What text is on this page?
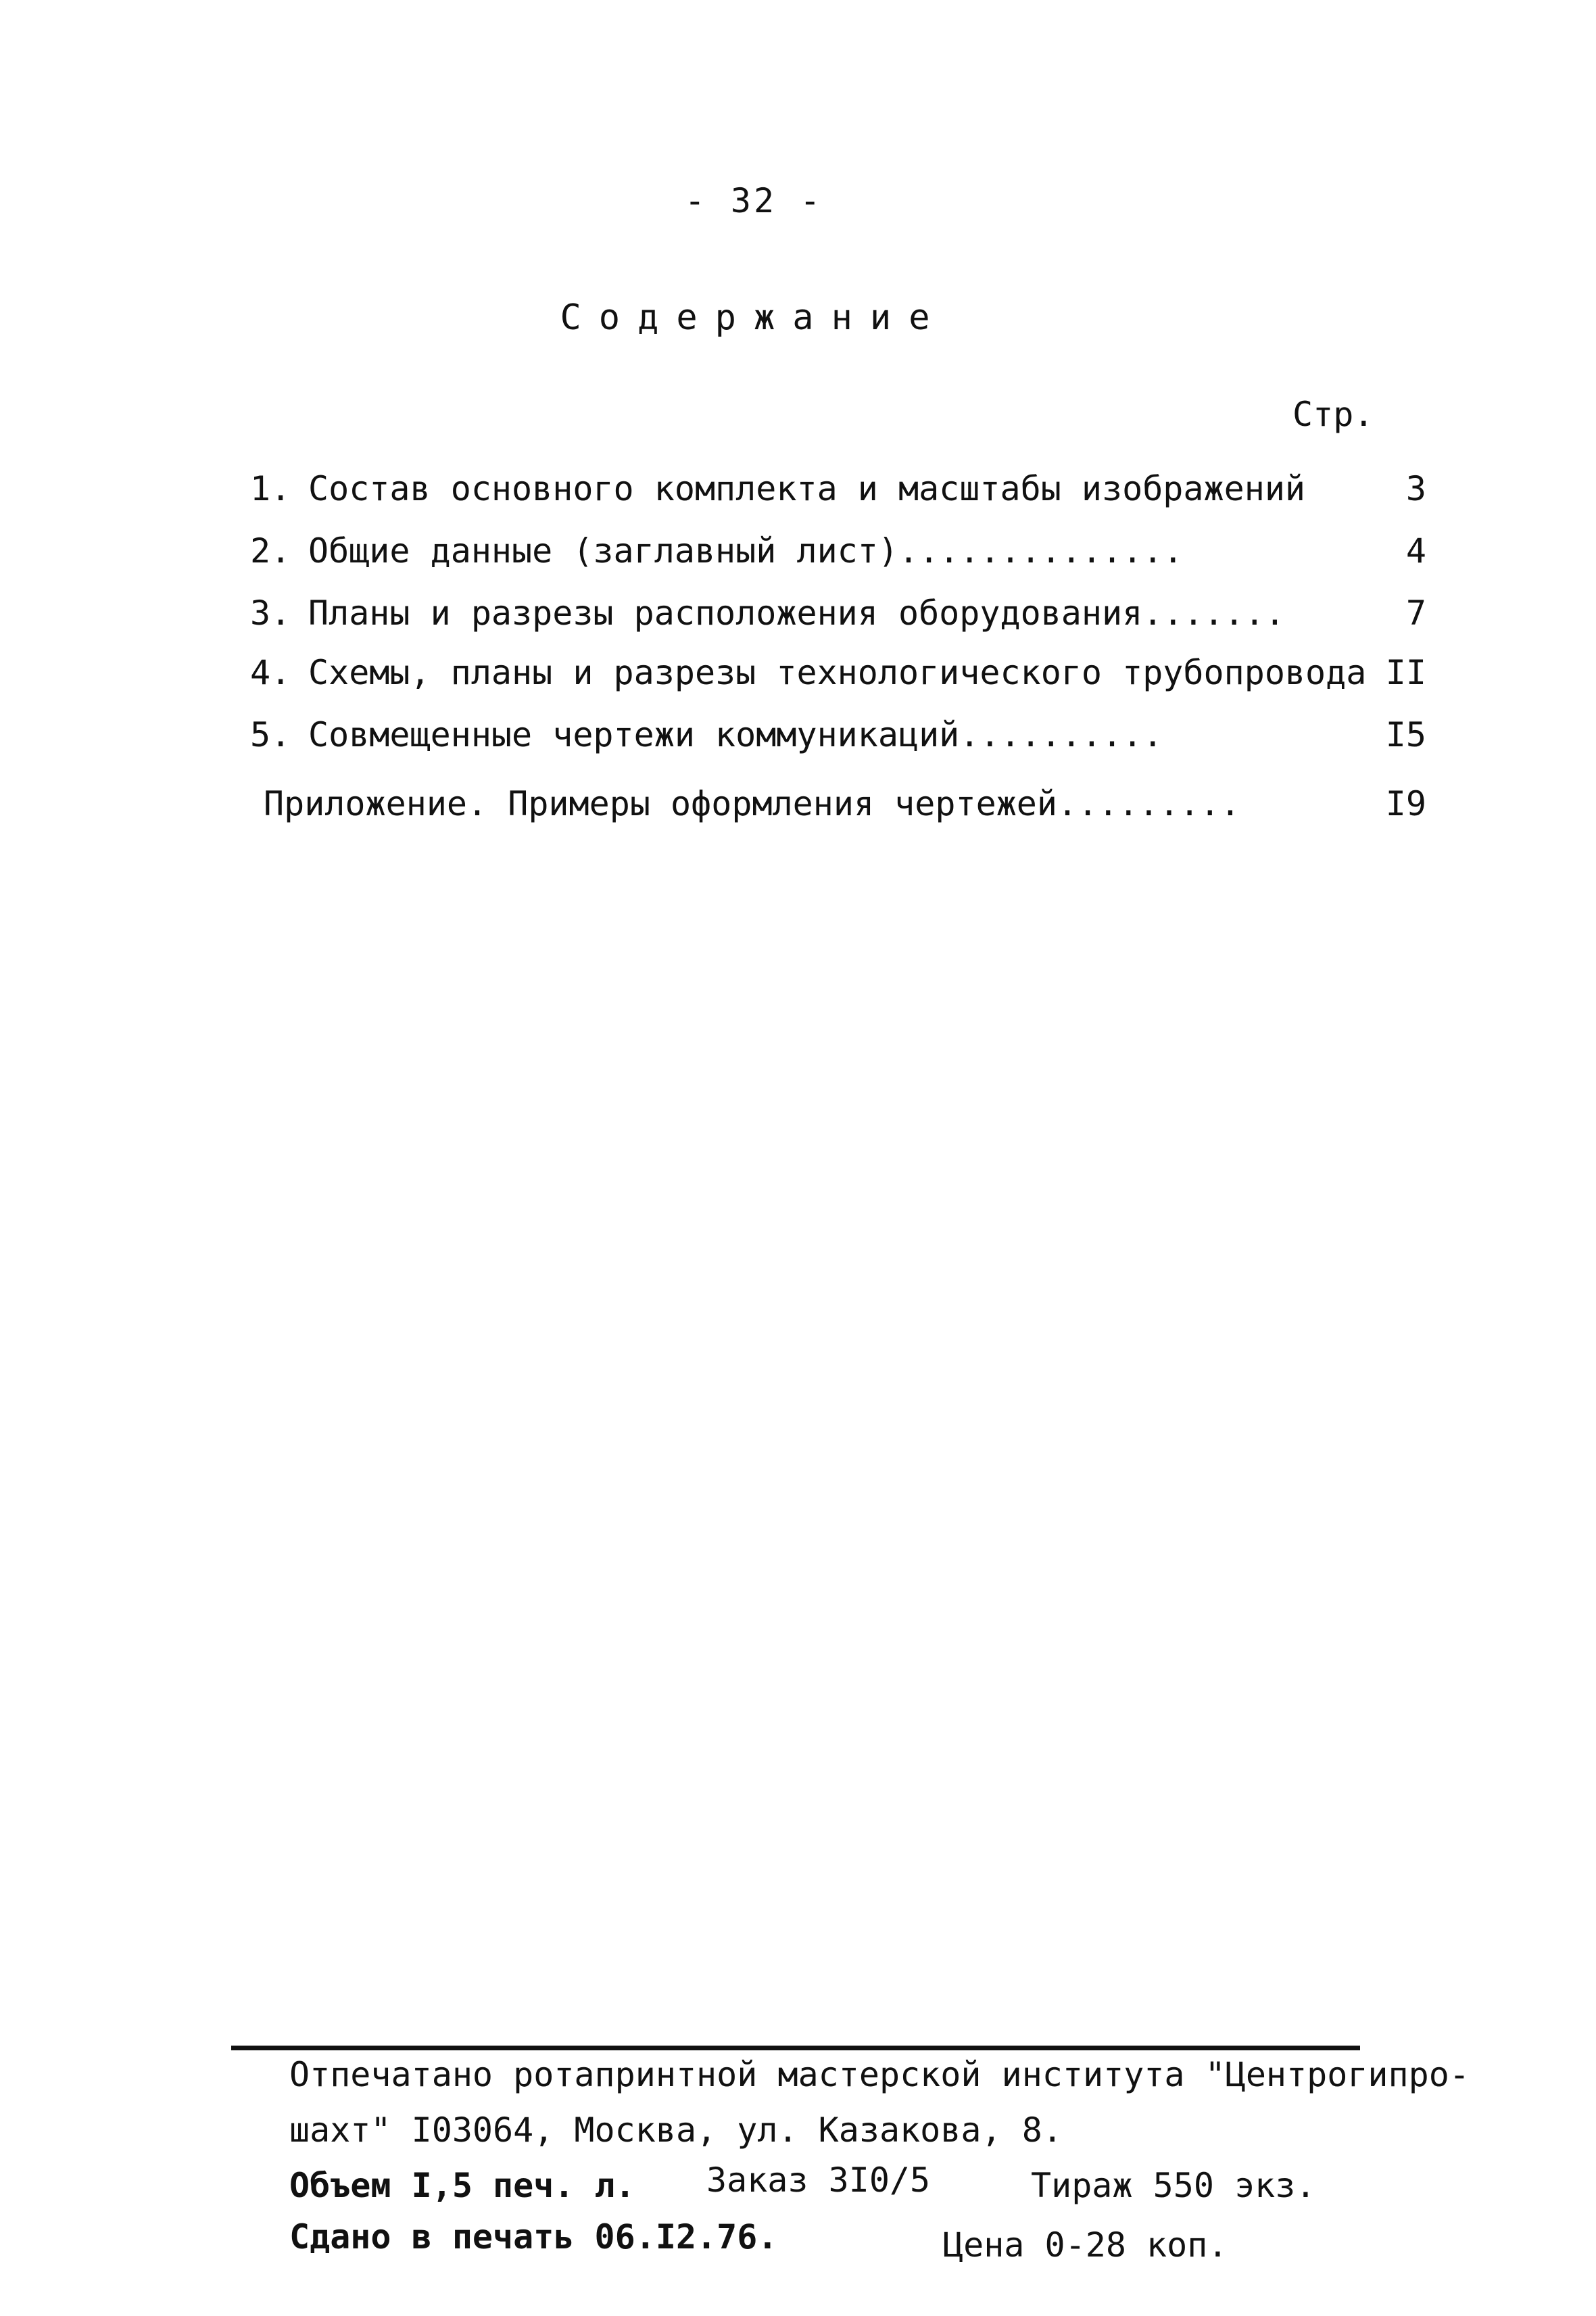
- 32 -
Содержание
Стр.
1. Состав основного комплекта и масштабы изображений	3
2. Общие данные (заглавный лист)..............	4
3. Планы и разрезы расположения оборудования.......	7
4. Схемы, планы и разрезы технологического трубопровода II
5. Совмещенные чертежи коммуникаций..........	I5
Приложение. Примеры оформления чертежей.........	I9
Отпечатано ротапринтной мастерской института "Центрогипро-
шахт" I03064, Москва, ул. Казакова, 8.
Объем I,5 печ. л. Заказ 3I0/5	Тираж 550 экз.
Сдано в печать 06.I2.76.	Цена 0-28 коп.
